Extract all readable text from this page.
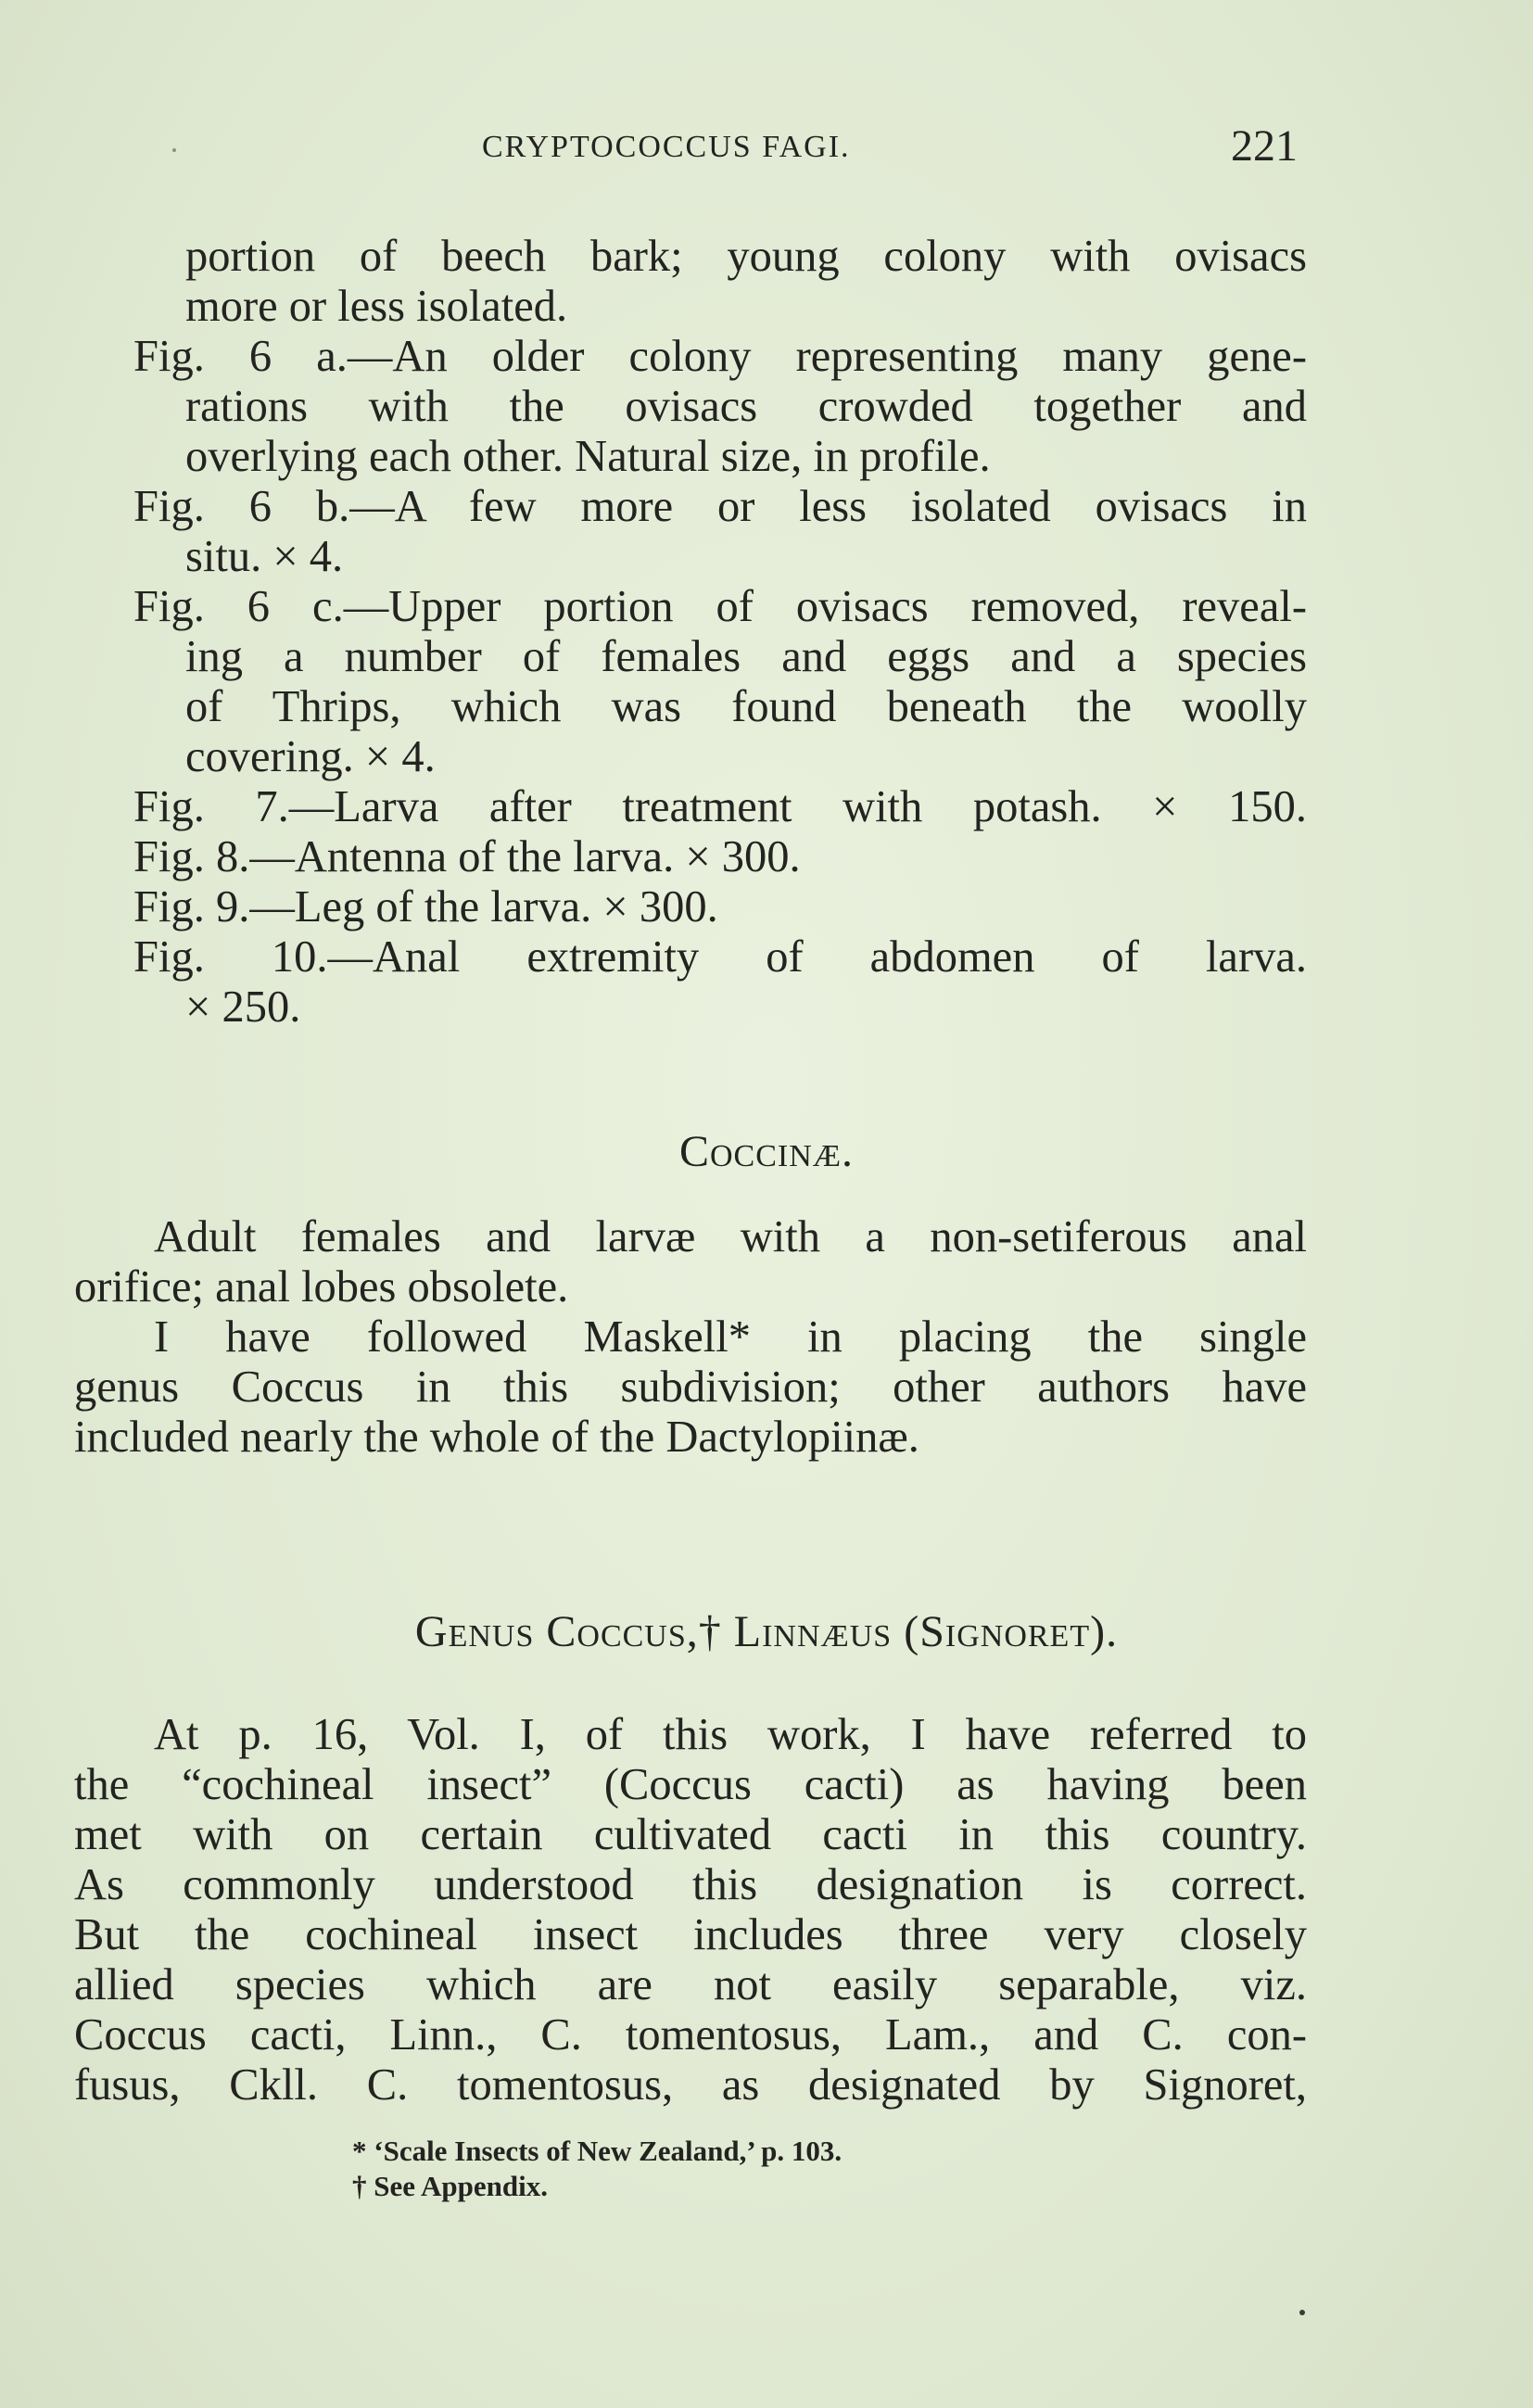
CRYPTOCOCCUS FAGI.	221
portion of beech bark; young colony with ovisacs
more or less isolated.
Fig. 6 a.—An older colony representing many gene-
rations with the ovisacs crowded together and
overlying each other. Natural size, in profile.
Fig. 6 b.—A few more or less isolated ovisacs in
situ. × 4.
Fig. 6 c.—Upper portion of ovisacs removed, reveal-
ing a number of females and eggs and a species
of Thrips, which was found beneath the woolly
covering. × 4.
Fig. 7.—Larva after treatment with potash. × 150.
Fig. 8.—Antenna of the larva. × 300.
Fig. 9.—Leg of the larva. × 300.
Fig. 10.—Anal extremity of abdomen of larva.
× 250.
Coccinæ.
Adult females and larvæ with a non-setiferous anal
orifice; anal lobes obsolete.
I have followed Maskell* in placing the single
genus Coccus in this subdivision; other authors have
included nearly the whole of the Dactylopiinæ.
Genus Coccus,† Linnæus (Signoret).
At p. 16, Vol. I, of this work, I have referred to
the “cochineal insect” (Coccus cacti) as having been
met with on certain cultivated cacti in this country.
As commonly understood this designation is correct.
But the cochineal insect includes three very closely
allied species which are not easily separable, viz.
Coccus cacti, Linn., C. tomentosus, Lam., and C. con-
fusus, Ckll. C. tomentosus, as designated by Signoret,
* ‘Scale Insects of New Zealand,’ p. 103.
† See Appendix.
